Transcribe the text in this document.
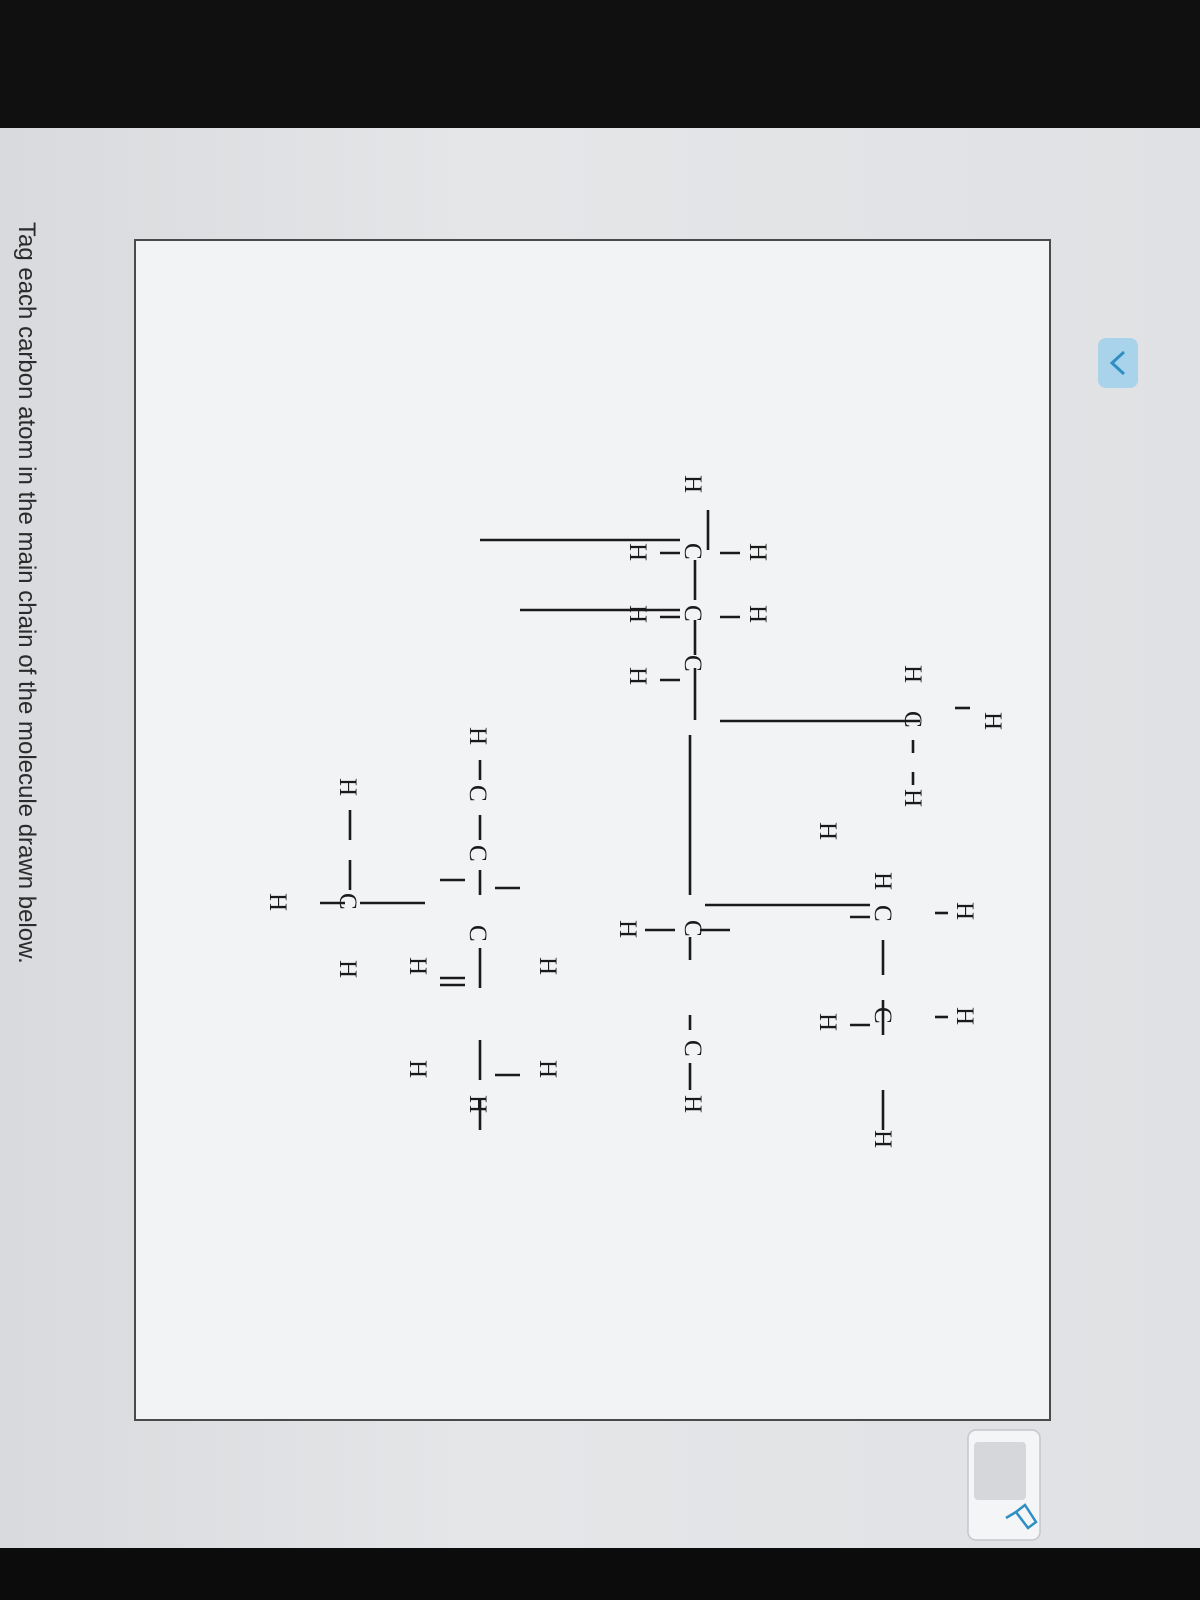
Tag each carbon atom in the main chain of the molecule drawn below.	H
H
C
H
H
C
C
C
H
H
H
H
H
H
H
H
C
C
H
H
H
C
C
H
H
H
C
C
C
H
H
H
H
H
H
C
H
H
